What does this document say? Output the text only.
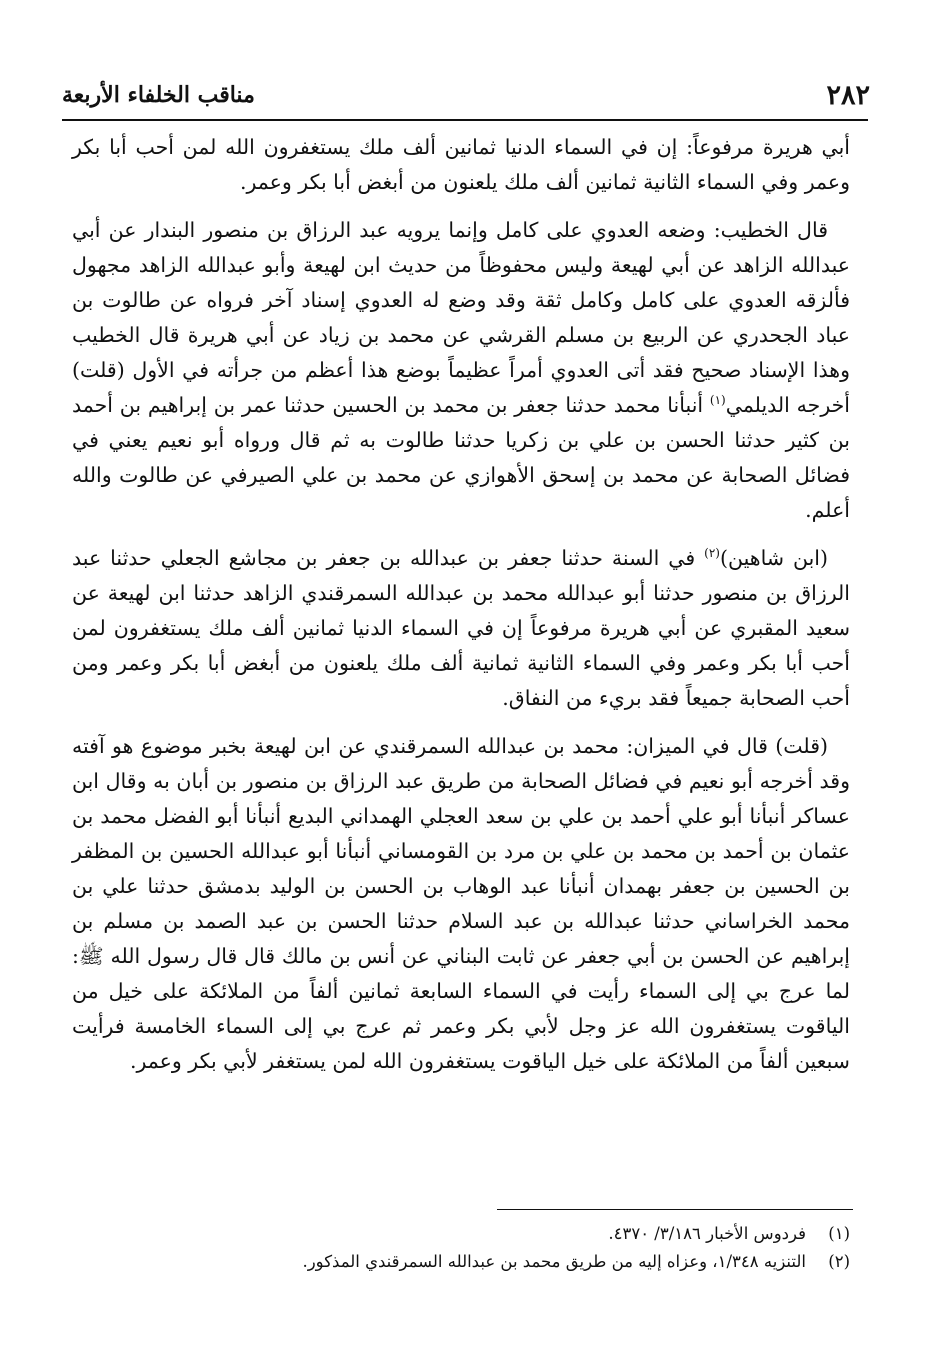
٢٨٢
مناقب الخلفاء الأربعة

أبي هريرة مرفوعاً: إن في السماء الدنيا ثمانين ألف ملك يستغفرون الله لمن أحب أبا بكر وعمر وفي السماء الثانية ثمانين ألف ملك يلعنون من أبغض أبا بكر وعمر.

قال الخطيب: وضعه العدوي على كامل وإنما يرويه عبد الرزاق بن منصور البندار عن أبي عبدالله الزاهد عن أبي لهيعة وليس محفوظاً من حديث ابن لهيعة وأبو عبدالله الزاهد مجهول فألزقه العدوي على كامل وكامل ثقة وقد وضع له العدوي إسناد آخر فرواه عن طالوت بن عباد الجحدري عن الربيع بن مسلم القرشي عن محمد بن زياد عن أبي هريرة قال الخطيب وهذا الإسناد صحيح فقد أتى العدوي أمراً عظيماً بوضع هذا أعظم من جرأته في الأول (قلت) أخرجه الديلمي$^{(١)}$ أنبأنا محمد حدثنا جعفر بن محمد بن الحسين حدثنا عمر بن إبراهيم بن أحمد بن كثير حدثنا الحسن بن علي بن زكريا حدثنا طالوت به ثم قال ورواه أبو نعيم يعني في فضائل الصحابة عن محمد بن إسحق الأهوازي عن محمد بن علي الصيرفي عن طالوت والله أعلم.

(ابن شاهين)$^{(٢)}$ في السنة حدثنا جعفر بن عبدالله بن جعفر بن مجاشع الجعلي حدثنا عبد الرزاق بن منصور حدثنا أبو عبدالله محمد بن عبدالله السمرقندي الزاهد حدثنا ابن لهيعة عن سعيد المقبري عن أبي هريرة مرفوعاً إن في السماء الدنيا ثمانين ألف ملك يستغفرون لمن أحب أبا بكر وعمر وفي السماء الثانية ثمانية ألف ملك يلعنون من أبغض أبا بكر وعمر ومن أحب الصحابة جميعاً فقد بريء من النفاق.

(قلت) قال في الميزان: محمد بن عبدالله السمرقندي عن ابن لهيعة بخبر موضوع هو آفته وقد أخرجه أبو نعيم في فضائل الصحابة من طريق عبد الرزاق بن منصور بن أبان به وقال ابن عساكر أنبأنا أبو علي أحمد بن علي بن سعد العجلي الهمداني البديع أنبأنا أبو الفضل محمد بن عثمان بن أحمد بن محمد بن علي بن مرد بن القومساني أنبأنا أبو عبدالله الحسين بن المظفر بن الحسين بن جعفر بهمدان أنبأنا عبد الوهاب بن الحسن بن الوليد بدمشق حدثنا علي بن محمد الخراساني حدثنا عبدالله بن عبد السلام حدثنا الحسن بن عبد الصمد بن مسلم بن إبراهيم عن الحسن بن أبي جعفر عن ثابت البناني عن أنس بن مالك قال قال رسول الله ﷺ: لما عرج بي إلى السماء رأيت في السماء السابعة ثمانين ألفاً من الملائكة على خيل من الياقوت يستغفرون الله عز وجل لأبي بكر وعمر ثم عرج بي إلى السماء الخامسة فرأيت سبعين ألفاً من الملائكة على خيل الياقوت يستغفرون الله لمن يستغفر لأبي بكر وعمر.

(١)فردوس الأخبار ٣/١٨٦/ ٤٣٧٠.

(٢)التنزيه ١/٣٤٨، وعزاه إليه من طريق محمد بن عبدالله السمرقندي المذكور.
